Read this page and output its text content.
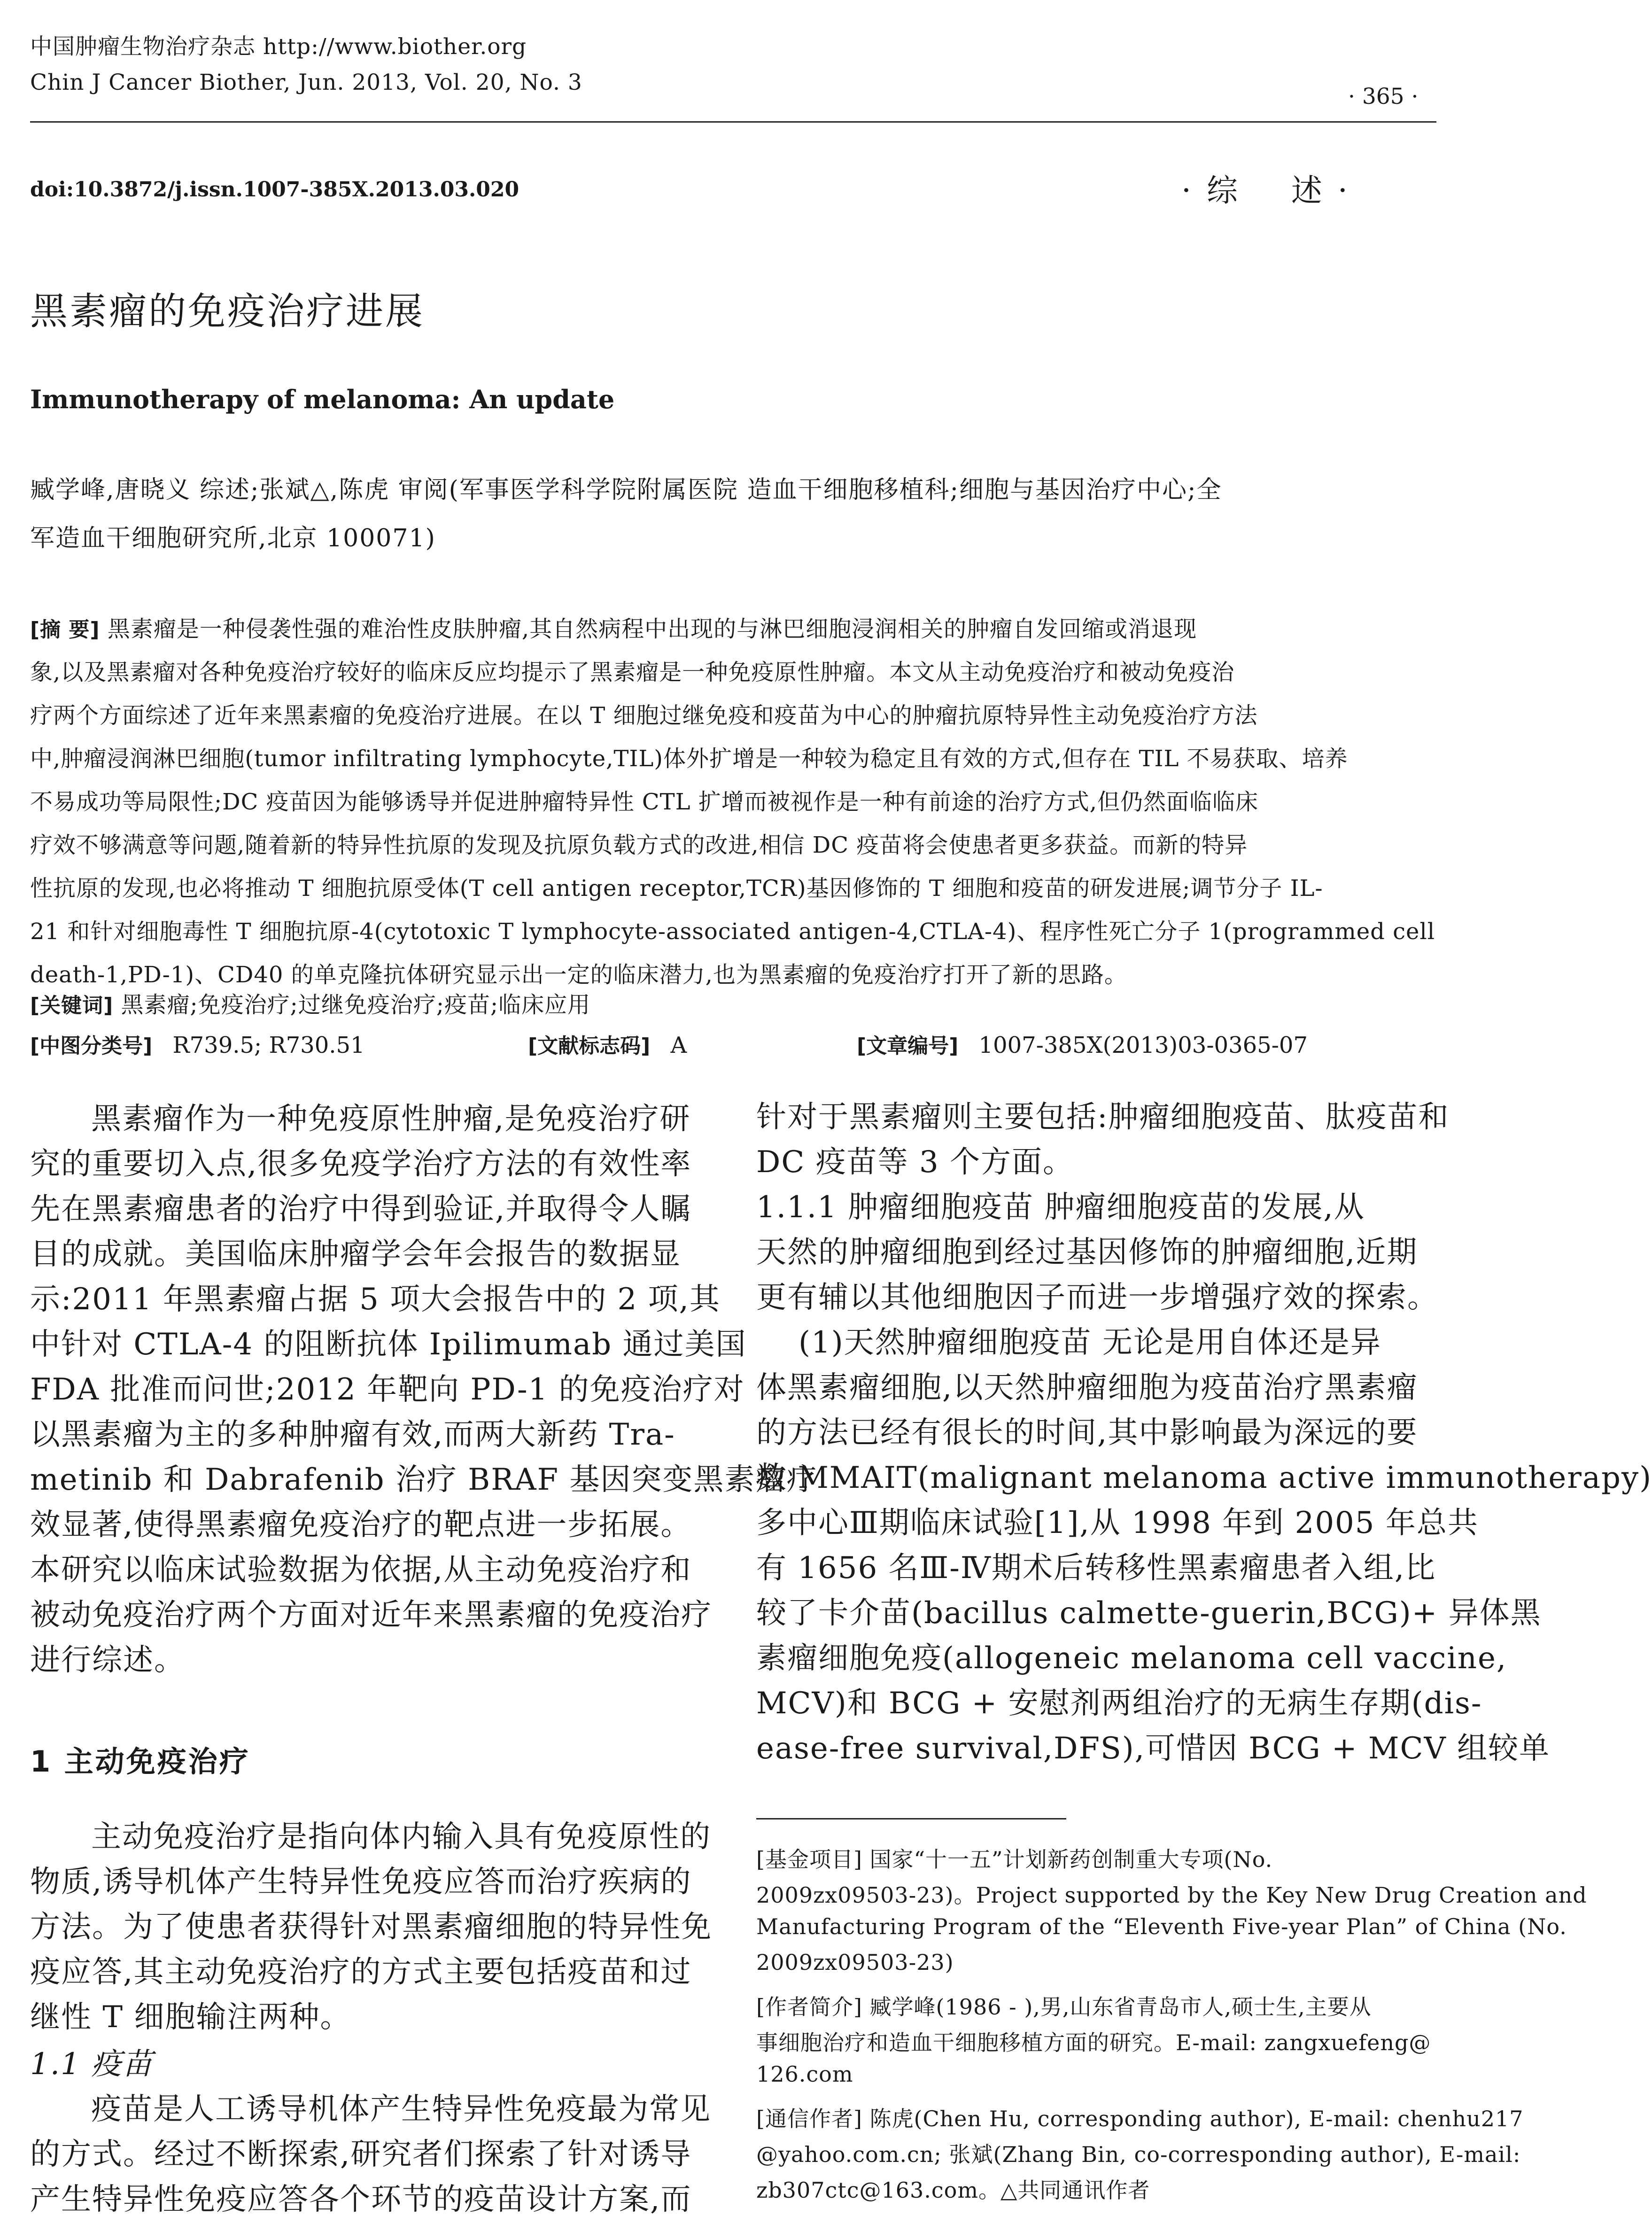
中国肿瘤生物治疗杂志 http://www.biother.org
Chin J Cancer Biother, Jun. 2013, Vol. 20, No. 3
· 365 ·
doi:10.3872/j.issn.1007-385X.2013.03.020	· 综    述 ·
黑素瘤的免疫治疗进展
Immunotherapy of melanoma: An update
臧学峰,唐晓义 综述;张斌△,陈虎 审阅(军事医学科学院附属医院 造血干细胞移植科;细胞与基因治疗中心;全
军造血干细胞研究所,北京 100071)
[摘 要] 黑素瘤是一种侵袭性强的难治性皮肤肿瘤,其自然病程中出现的与淋巴细胞浸润相关的肿瘤自发回缩或消退现
象,以及黑素瘤对各种免疫治疗较好的临床反应均提示了黑素瘤是一种免疫原性肿瘤。本文从主动免疫治疗和被动免疫治
疗两个方面综述了近年来黑素瘤的免疫治疗进展。在以 T 细胞过继免疫和疫苗为中心的肿瘤抗原特异性主动免疫治疗方法
中,肿瘤浸润淋巴细胞(tumor infiltrating lymphocyte,TIL)体外扩增是一种较为稳定且有效的方式,但存在 TIL 不易获取、培养
不易成功等局限性;DC 疫苗因为能够诱导并促进肿瘤特异性 CTL 扩增而被视作是一种有前途的治疗方式,但仍然面临临床
疗效不够满意等问题,随着新的特异性抗原的发现及抗原负载方式的改进,相信 DC 疫苗将会使患者更多获益。而新的特异
性抗原的发现,也必将推动 T 细胞抗原受体(T cell antigen receptor,TCR)基因修饰的 T 细胞和疫苗的研发进展;调节分子 IL-
21 和针对细胞毒性 T 细胞抗原-4(cytotoxic T lymphocyte-associated antigen-4,CTLA-4)、程序性死亡分子 1(programmed cell
death-1,PD-1)、CD40 的单克隆抗体研究显示出一定的临床潜力,也为黑素瘤的免疫治疗打开了新的思路。
[关键词] 黑素瘤;免疫治疗;过继免疫治疗;疫苗;临床应用
[中图分类号] R739.5; R730.51	[文献标志码] A	[文章编号] 1007-385X(2013)03-0365-07
黑素瘤作为一种免疫原性肿瘤,是免疫治疗研
究的重要切入点,很多免疫学治疗方法的有效性率
先在黑素瘤患者的治疗中得到验证,并取得令人瞩
目的成就。美国临床肿瘤学会年会报告的数据显
示:2011 年黑素瘤占据 5 项大会报告中的 2 项,其
中针对 CTLA-4 的阻断抗体 Ipilimumab 通过美国
FDA 批准而问世;2012 年靶向 PD-1 的免疫治疗对
以黑素瘤为主的多种肿瘤有效,而两大新药 Tra-
metinib 和 Dabrafenib 治疗 BRAF 基因突变黑素瘤疗
效显著,使得黑素瘤免疫治疗的靶点进一步拓展。
本研究以临床试验数据为依据,从主动免疫治疗和
被动免疫治疗两个方面对近年来黑素瘤的免疫治疗
进行综述。
1 主动免疫治疗
主动免疫治疗是指向体内输入具有免疫原性的
物质,诱导机体产生特异性免疫应答而治疗疾病的
方法。为了使患者获得针对黑素瘤细胞的特异性免
疫应答,其主动免疫治疗的方式主要包括疫苗和过
继性 T 细胞输注两种。
1.1 疫苗
疫苗是人工诱导机体产生特异性免疫最为常见
的方式。经过不断探索,研究者们探索了针对诱导
产生特异性免疫应答各个环节的疫苗设计方案,而
针对于黑素瘤则主要包括:肿瘤细胞疫苗、肽疫苗和
DC 疫苗等 3 个方面。
1.1.1 肿瘤细胞疫苗 肿瘤细胞疫苗的发展,从
天然的肿瘤细胞到经过基因修饰的肿瘤细胞,近期
更有辅以其他细胞因子而进一步增强疗效的探索。
(1)天然肿瘤细胞疫苗 无论是用自体还是异
体黑素瘤细胞,以天然肿瘤细胞为疫苗治疗黑素瘤
的方法已经有很长的时间,其中影响最为深远的要
数 MMAIT(malignant melanoma active immunotherapy)
多中心Ⅲ期临床试验[1],从 1998 年到 2005 年总共
有 1656 名Ⅲ-Ⅳ期术后转移性黑素瘤患者入组,比
较了卡介苗(bacillus calmette-guerin,BCG)+ 异体黑
素瘤细胞免疫(allogeneic melanoma cell vaccine,
MCV)和 BCG + 安慰剂两组治疗的无病生存期(dis-
ease-free survival,DFS),可惜因 BCG + MCV 组较单
[基金项目] 国家“十一五”计划新药创制重大专项(No.
2009zx09503-23)。Project supported by the Key New Drug Creation and
Manufacturing Program of the “Eleventh Five-year Plan” of China (No.
2009zx09503-23)
[作者简介] 臧学峰(1986 - ),男,山东省青岛市人,硕士生,主要从
事细胞治疗和造血干细胞移植方面的研究。E-mail: zangxuefeng@
126.com
[通信作者] 陈虎(Chen Hu, corresponding author), E-mail: chenhu217
@yahoo.com.cn; 张斌(Zhang Bin, co-corresponding author), E-mail:
zb307ctc@163.com。△共同通讯作者
